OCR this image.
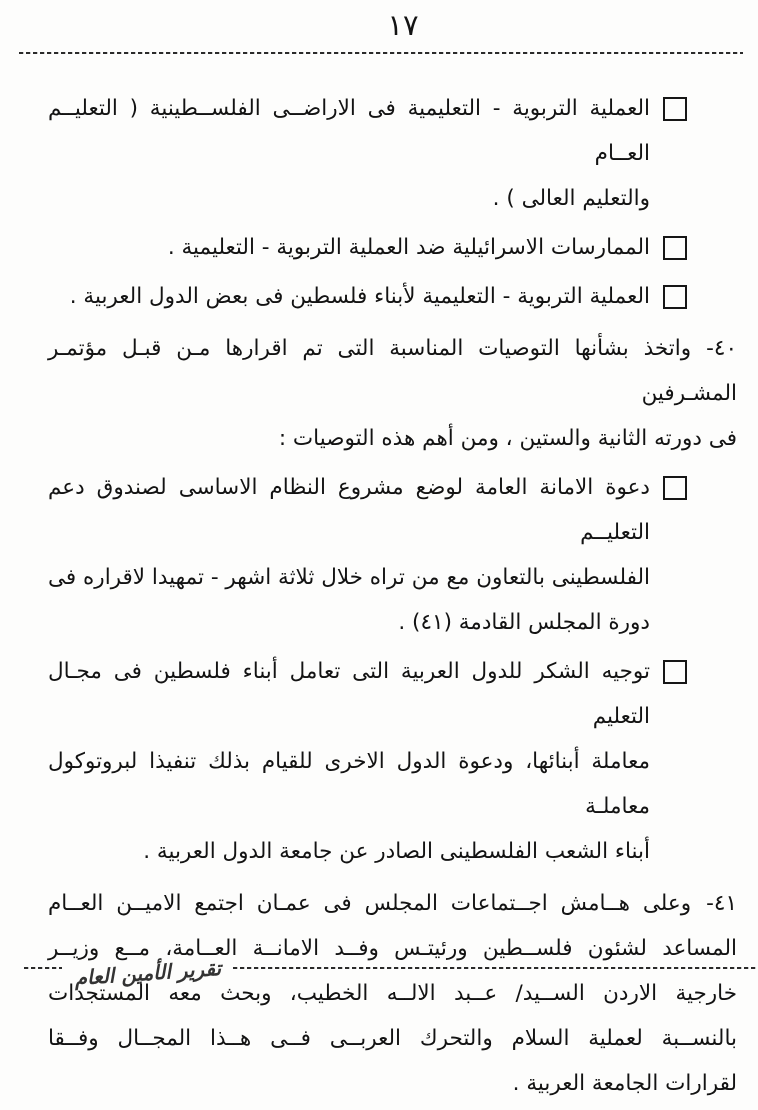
١٧
العملية التربوية - التعليمية فى الاراضــى الفلســطينية ( التعليــم العــام
والتعليم العالى ) .
الممارسات الاسرائيلية ضد العملية التربوية - التعليمية .
العملية التربوية - التعليمية لأبناء فلسطين فى بعض الدول العربية .
٤٠-واتخذ بشأنها التوصيات المناسبة التى تم اقرارها مـن قبـل مؤتمـر المشـرفين
فى دورته الثانية والستين ، ومن أهم هذه التوصيات :
دعوة الامانة العامة لوضع مشروع النظام الاساسى لصندوق دعم التعليــم
الفلسطينى بالتعاون مع من تراه خلال ثلاثة اشهر - تمهيدا لاقراره فى
دورة المجلس القادمة (٤١) .
توجيه الشكر للدول العربية التى تعامل أبناء فلسطين فى مجـال التعليم
معاملة أبنائها، ودعوة الدول الاخرى للقيام بذلك تنفيذا لبروتوكول معاملـة
أبناء الشعب الفلسطينى الصادر عن جامعة الدول العربية .
٤١-وعلى هــامش اجــتماعات المجلس فى عمـان اجتمع الاميــن العــام
المساعد لشئون فلســطين ورئيتـس وفــد الامانــة العــامة، مــع وزيــر
خارجية الاردن الســيد/ عــبد الالــه الخطيب، وبحث معه المستجدات
بالنســبة لعملية السلام والتحرك العربــى فــى هــذا المجــال وفــقا
لقرارات الجامعة العربية .
تقرير الأمين العام
